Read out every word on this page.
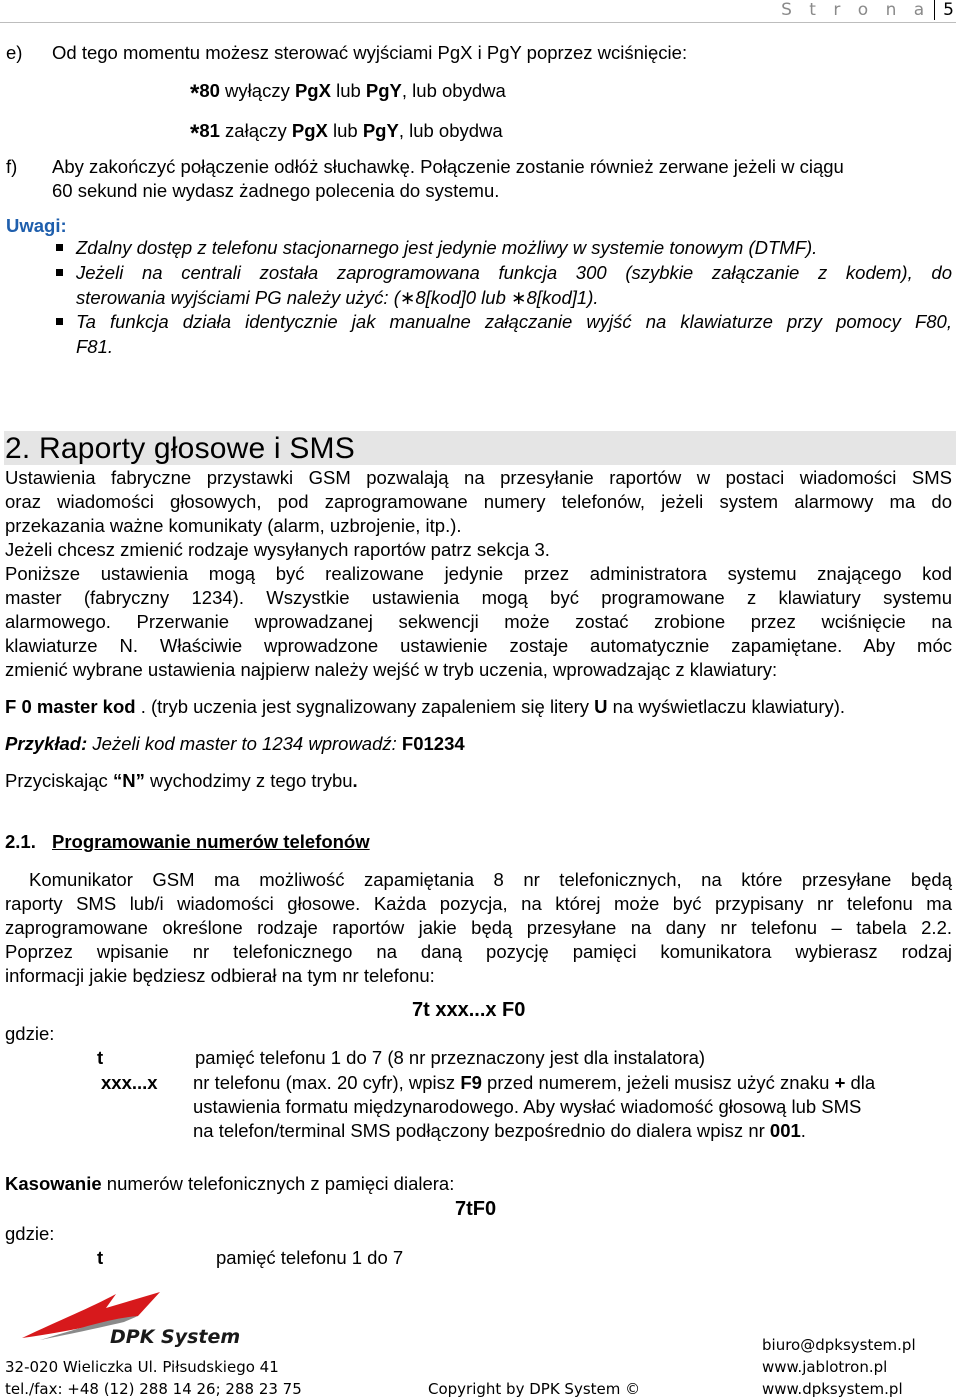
S t r o n a 5
e) Od tego momentu możesz sterować wyjściami PgX i PgY poprzez wciśnięcie:
*80 wyłączy PgX lub PgY, lub obydwa
*81 załączy PgX lub PgY, lub obydwa
f) Aby zakończyć połączenie odłóż słuchawkę. Połączenie zostanie również zerwane jeżeli w ciągu
60 sekund nie wydasz żadnego polecenia do systemu.
Uwagi:
Zdalny dostęp z telefonu stacjonarnego jest jedynie możliwy w systemie tonowym (DTMF).
Jeżeli na centrali została zaprogramowana funkcja 300 (szybkie załączanie z kodem), do
sterowania wyjściami PG należy użyć: (∗8[kod]0 lub ∗8[kod]1).
Ta funkcja działa identycznie jak manualne załączanie wyjść na klawiaturze przy pomocy F80,
F81.
2. Raporty głosowe i SMS
Ustawienia fabryczne przystawki GSM pozwalają na przesyłanie raportów w postaci wiadomości SMS
oraz wiadomości głosowych, pod zaprogramowane numery telefonów, jeżeli system alarmowy ma do
przekazania ważne komunikaty (alarm, uzbrojenie, itp.).
Jeżeli chcesz zmienić rodzaje wysyłanych raportów patrz sekcja 3.
Poniższe ustawienia mogą być realizowane jedynie przez administratora systemu znającego kod
master (fabryczny 1234). Wszystkie ustawienia mogą być programowane z klawiatury systemu
alarmowego. Przerwanie wprowadzanej sekwencji może zostać zrobione przez wciśnięcie na
klawiaturze N. Właściwie wprowadzone ustawienie zostaje automatycznie zapamiętane. Aby móc
zmienić wybrane ustawienia najpierw należy wejść w tryb uczenia, wprowadzając z klawiatury:
F 0 master kod . (tryb uczenia jest sygnalizowany zapaleniem się litery U na wyświetlaczu klawiatury).
Przykład: Jeżeli kod master to 1234 wprowadź: F01234
Przyciskając “N” wychodzimy z tego trybu.
2.1. Programowanie numerów telefonów
Komunikator GSM ma możliwość zapamiętania 8 nr telefonicznych, na które przesyłane będą
raporty SMS lub/i wiadomości głosowe. Każda pozycja, na której może być przypisany nr telefonu ma
zaprogramowane określone rodzaje raportów jakie będą przesyłane na dany nr telefonu – tabela 2.2.
Poprzez wpisanie nr telefonicznego na daną pozycję pamięci komunikatora wybierasz rodzaj
informacji jakie będziesz odbierał na tym nr telefonu:
7t xxx...x F0
gdzie:
t	pamięć telefonu 1 do 7 (8 nr przeznaczony jest dla instalatora)
xxx...x nr telefonu (max. 20 cyfr), wpisz F9 przed numerem, jeżeli musisz użyć znaku + dla
ustawienia formatu międzynarodowego. Aby wysłać wiadomość głosową lub SMS
na telefon/terminal SMS podłączony bezpośrednio do dialera wpisz nr 001.
Kasowanie numerów telefonicznych z pamięci dialera:
7tF0
gdzie:
t	pamięć telefonu 1 do 7
DPK System
32-020 Wieliczka Ul. Piłsudskiego 41
tel./fax: +48 (12) 288 14 26; 288 23 75	Copyright by DPK System ©
biuro@dpksystem.pl
www.jablotron.pl
www.dpksystem.pl
